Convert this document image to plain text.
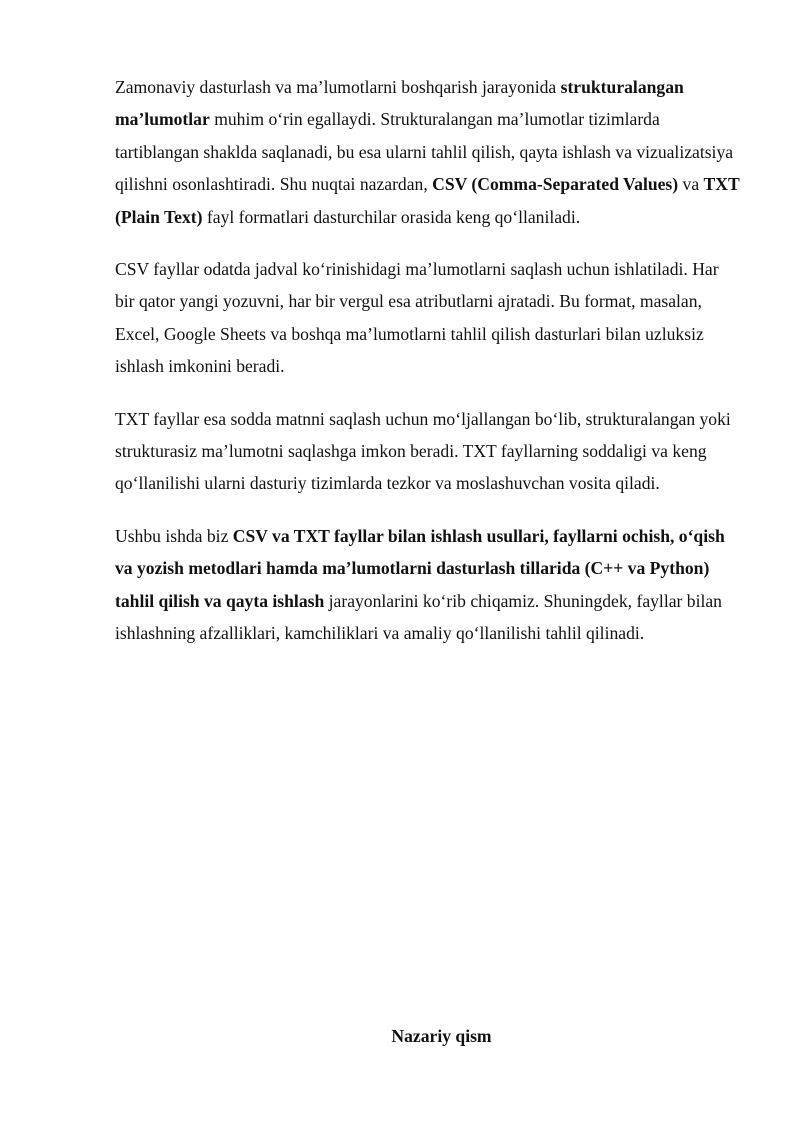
Zamonaviy dasturlash va ma’lumotlarni boshqarish jarayonida strukturalangan ma’lumotlar muhim o‘rin egallaydi. Strukturalangan ma’lumotlar tizimlarda tartiblangan shaklda saqlanadi, bu esa ularni tahlil qilish, qayta ishlash va vizualizatsiya qilishni osonlashtiradi. Shu nuqtai nazardan, CSV (Comma-Separated Values) va TXT (Plain Text) fayl formatlari dasturchilar orasida keng qo‘llaniladi.

CSV fayllar odatda jadval ko‘rinishidagi ma’lumotlarni saqlash uchun ishlatiladi. Har bir qator yangi yozuvni, har bir vergul esa atributlarni ajratadi. Bu format, masalan, Excel, Google Sheets va boshqa ma’lumotlarni tahlil qilish dasturlari bilan uzluksiz ishlash imkonini beradi.

TXT fayllar esa sodda matnni saqlash uchun mo‘ljallangan bo‘lib, strukturalangan yoki strukturasiz ma’lumotni saqlashga imkon beradi. TXT fayllarning soddaligi va keng qo‘llanilishi ularni dasturiy tizimlarda tezkor va moslashuvchan vosita qiladi.

Ushbu ishda biz CSV va TXT fayllar bilan ishlash usullari, fayllarni ochish, o‘qish va yozish metodlari hamda ma’lumotlarni dasturlash tillarida (C++ va Python) tahlil qilish va qayta ishlash jarayonlarini ko‘rib chiqamiz. Shuningdek, fayllar bilan ishlashning afzalliklari, kamchiliklari va amaliy qo‘llanilishi tahlil qilinadi.

Nazariy qism
